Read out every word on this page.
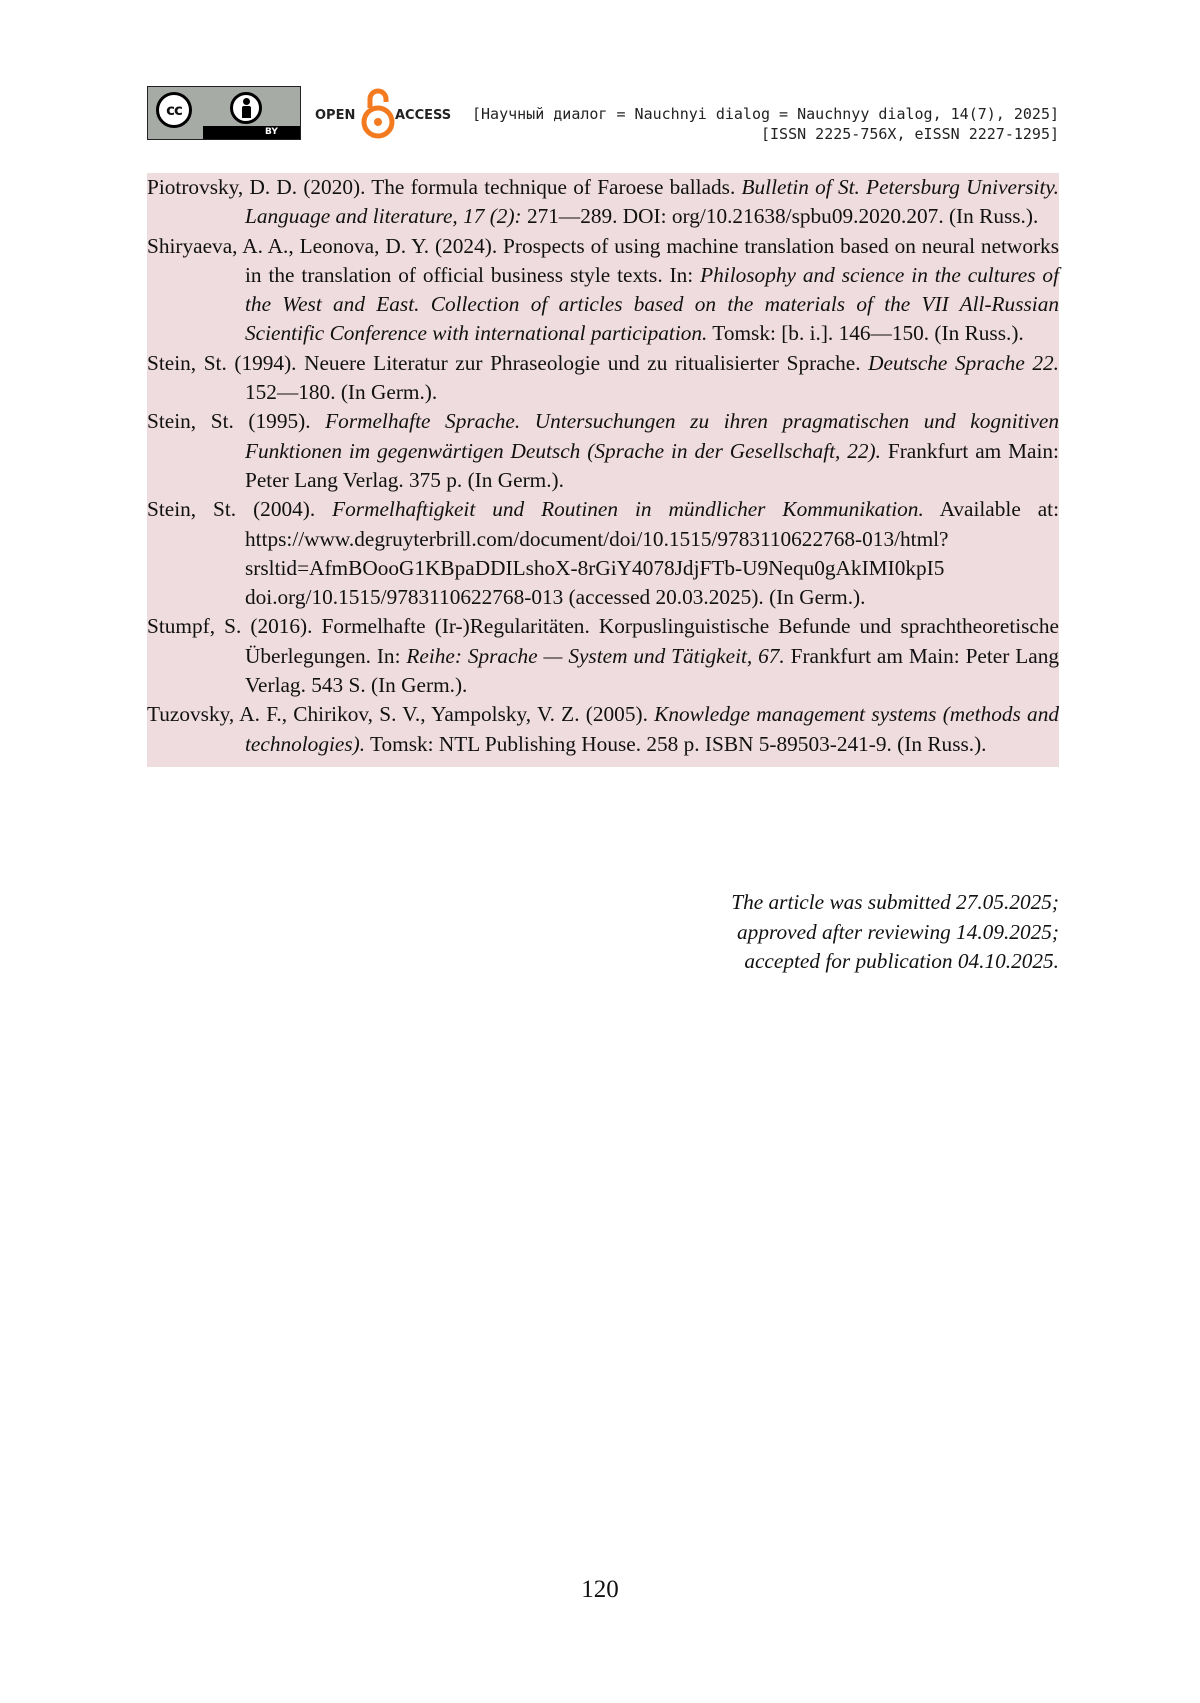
cc
BY
OPEN	ACCESS [Научный диалог = Nauchnyi dialog = Nauchnyy dialog, 14(7), 2025]
[ISSN 2225-756X, eISSN 2227-1295]
Piotrovsky, D. D. (2020). The formula technique of Faroese ballads. Bulletin of St. Petersburg University. Language and literature, 17 (2): 271—289. DOI: org/10.21638/spbu09.2020.207. (In Russ.).
Shiryaeva, A. A., Leonova, D. Y. (2024). Prospects of using machine translation based on neural networks in the translation of official business style texts. In: Philosophy and science in the cultures of the West and East. Collection of articles based on the materials of the VII All-Russian Scientific Conference with international participation. Tomsk: [b. i.]. 146—150. (In Russ.).
Stein, St. (1994). Neuere Literatur zur Phraseologie und zu ritualisierter Sprache. Deutsche Sprache 22. 152—180. (In Germ.).
Stein, St. (1995). Formelhafte Sprache. Untersuchungen zu ihren pragmatischen und kognitiven Funktionen im gegenwärtigen Deutsch (Sprache in der Gesellschaft, 22). Frankfurt am Main: Peter Lang Verlag. 375 p. (In Germ.).
Stein, St. (2004). Formelhaftigkeit und Routinen in mündlicher Kommunikation. Available at: https://www.degruyterbrill.com/document/doi/10.1515/9783110622768-013/html?srsltid=AfmBOooG1KBpaDDILshoX-8rGiY4078JdjFTb-U9Nequ0gAkIMI0kpI5 doi.org/10.1515/9783110622768-013 (accessed 20.03.2025). (In Germ.).
Stumpf, S. (2016). Formelhafte (Ir-)Regularitäten. Korpuslinguistische Befunde und sprachtheoretische Überlegungen. In: Reihe: Sprache — System und Tätigkeit, 67. Frankfurt am Main: Peter Lang Verlag. 543 S. (In Germ.).
Tuzovsky, A. F., Chirikov, S. V., Yampolsky, V. Z. (2005). Knowledge management systems (methods and technologies). Tomsk: NTL Publishing House. 258 p. ISBN 5-89503-241-9. (In Russ.).
The article was submitted 27.05.2025;
approved after reviewing 14.09.2025;
accepted for publication 04.10.2025.
120
